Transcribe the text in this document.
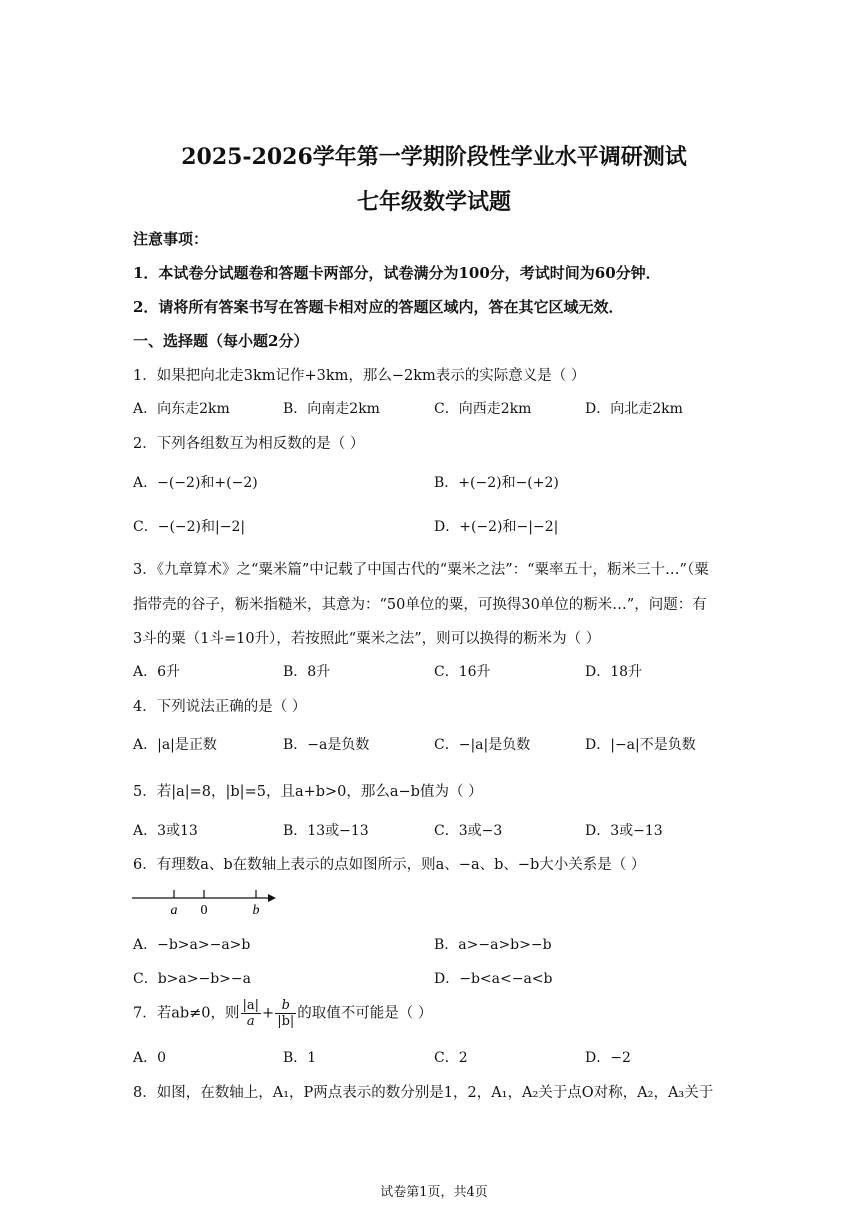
2025-2026学年第一学期阶段性学业水平调研测试
七年级数学试题
注意事项：
1．本试卷分试题卷和答题卡两部分，试卷满分为100分，考试时间为60分钟．
2．请将所有答案书写在答题卡相对应的答题区域内，答在其它区域无效．
一、选择题（每小题2分）
1．如果把向北走3km记作+3km，那么−2km表示的实际意义是（ ）
A．向东走2km	B．向南走2km	C．向西走2km	D．向北走2km
2．下列各组数互为相反数的是（ ）
A．−(−2)和+(−2)	B．+(−2)和−(+2)
C．−(−2)和|−2|	D．+(−2)和−|−2|
3．《九章算术》之“粟米篇”中记载了中国古代的“粟米之法”：“粟率五十，粝米三十…”（粟
指带壳的谷子，粝米指糙米，其意为：“50单位的粟，可换得30单位的粝米…”，问题：有
3斗的粟（1斗=10升），若按照此“粟米之法”，则可以换得的粝米为（ ）
A．6升	B．8升	C．16升	D．18升
4．下列说法正确的是（ ）
A．|a|是正数	B．−a是负数	C．−|a|是负数	D．|−a|不是负数
5．若|a|=8，|b|=5，且a+b>0，那么a−b值为（ ）
A．3或13	B．13或−13	C．3或−3	D．3或−13
6．有理数a、b在数轴上表示的点如图所示，则a、−a、b、−b大小关系是（ ）
a 0	b
A．−b>a>−a>b	B．a>−a>b>−b
C．b>a>−b>−a	D．−b<a<−a<b
7．若ab≠0，则 $\frac{|a|}{a} + \frac{b}{|b|}$ 的取值不可能是（ ）
A．0	B．1	C．2	D．−2
8．如图，在数轴上，A₁，P两点表示的数分别是1，2，A₁，A₂关于点O对称，A₂，A₃关于
试卷第1页，共4页
